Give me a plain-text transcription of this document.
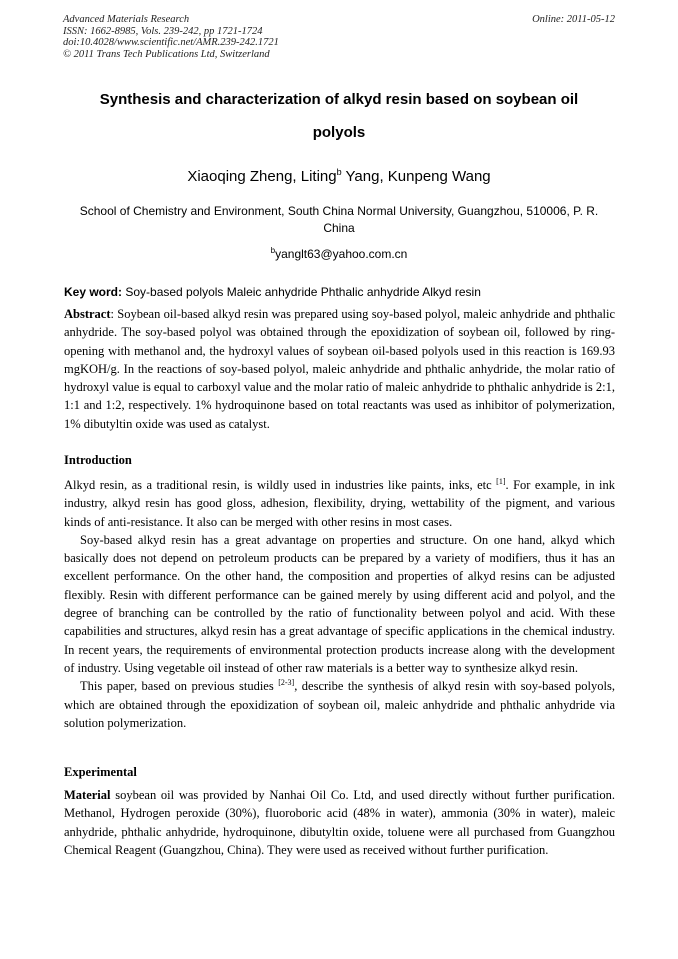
Advanced Materials Research
ISSN: 1662-8985, Vols. 239-242, pp 1721-1724
doi:10.4028/www.scientific.net/AMR.239-242.1721
© 2011 Trans Tech Publications Ltd, Switzerland
Online: 2011-05-12
Synthesis and characterization of alkyd resin based on soybean oil
polyols
Xiaoqing Zheng, Liting$^b$ Yang, Kunpeng Wang
School of Chemistry and Environment, South China Normal University, Guangzhou, 510006, P. R.
China
$^b$yanglt63@yahoo.com.cn
Key word: Soy-based polyols Maleic anhydride Phthalic anhydride Alkyd resin

Abstract: Soybean oil-based alkyd resin was prepared using soy-based polyol, maleic anhydride and phthalic anhydride. The soy-based polyol was obtained through the epoxidization of soybean oil, followed by ring-opening with methanol and, the hydroxyl values of soybean oil-based polyols used in this reaction is 169.93 mgKOH/g. In the reactions of soy-based polyol, maleic anhydride and phthalic anhydride, the molar ratio of hydroxyl value is equal to carboxyl value and the molar ratio of maleic anhydride to phthalic anhydride is 2:1, 1:1 and 1:2, respectively. 1% hydroquinone based on total reactants was used as inhibitor of polymerization, 1% dibutyltin oxide was used as catalyst.

Introduction

Alkyd resin, as a traditional resin, is wildly used in industries like paints, inks, etc [1]. For example, in ink industry, alkyd resin has good gloss, adhesion, flexibility, drying, wettability of the pigment, and various kinds of anti-resistance. It also can be merged with other resins in most cases.

Soy-based alkyd resin has a great advantage on properties and structure. On one hand, alkyd which basically does not depend on petroleum products can be prepared by a variety of modifiers, thus it has an excellent performance. On the other hand, the composition and properties of alkyd resins can be adjusted flexibly. Resin with different performance can be gained merely by using different acid and polyol, and the degree of branching can be controlled by the ratio of functionality between polyol and acid. With these capabilities and structures, alkyd resin has a great advantage of specific applications in the chemical industry. In recent years, the requirements of environmental protection products increase along with the development of industry. Using vegetable oil instead of other raw materials is a better way to synthesize alkyd resin.

This paper, based on previous studies [2-3], describe the synthesis of alkyd resin with soy-based polyols, which are obtained through the epoxidization of soybean oil, maleic anhydride and phthalic anhydride via solution polymerization.

Experimental

Material soybean oil was provided by Nanhai Oil Co. Ltd, and used directly without further purification. Methanol, Hydrogen peroxide (30%), fluoroboric acid (48% in water), ammonia (30% in water), maleic anhydride, phthalic anhydride, hydroquinone, dibutyltin oxide, toluene were all purchased from Guangzhou Chemical Reagent (Guangzhou, China). They were used as received without further purification.
